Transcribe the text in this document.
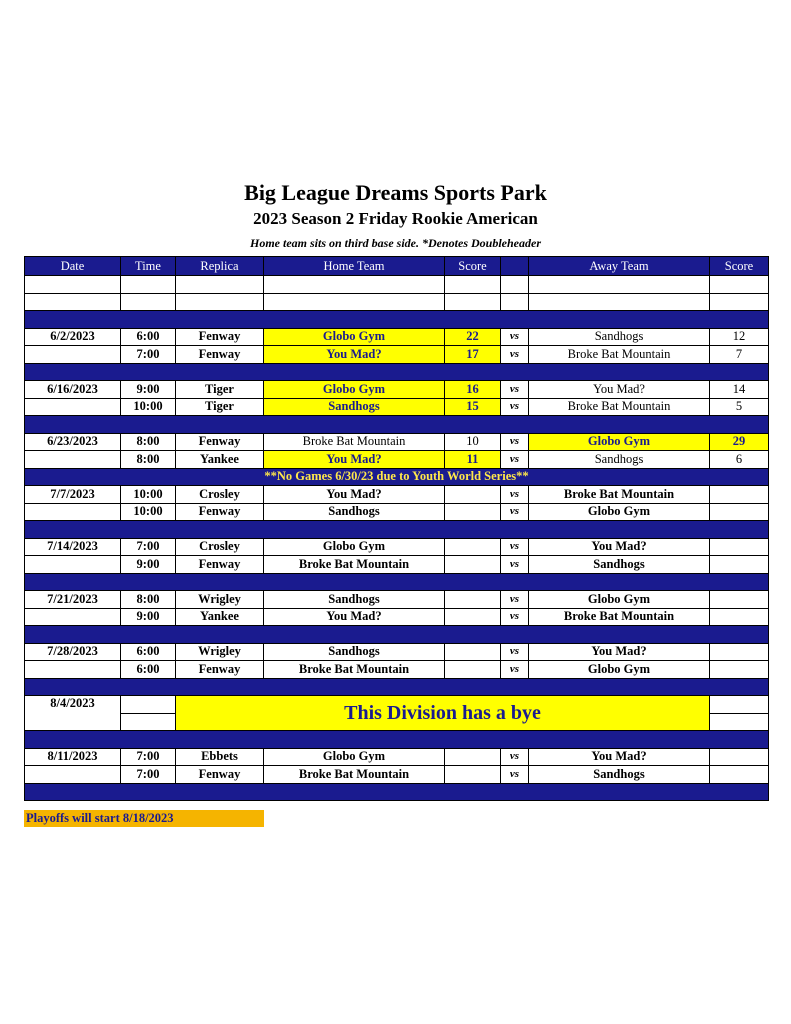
Big League Dreams Sports Park
2023 Season 2 Friday Rookie American
Home team sits on third base side. *Denotes Doubleheader
Date	Time	Replica	Home Team	Score		Away Team	Score

6/2/2023	6:00	Fenway	Globo Gym	22	vs	Sandhogs	12
	7:00	Fenway	You Mad?	17	vs	Broke Bat Mountain	7

6/16/2023	9:00	Tiger	Globo Gym	16	vs	You Mad?	14
	10:00	Tiger	Sandhogs	15	vs	Broke Bat Mountain	5

6/23/2023	8:00	Fenway	Broke Bat Mountain	10	vs	Globo Gym	29
	8:00	Yankee	You Mad?	11	vs	Sandhogs	6
**No Games 6/30/23 due to Youth World Series**							
7/7/2023	10:00	Crosley	You Mad?		vs	Broke Bat Mountain	
	10:00	Fenway	Sandhogs		vs	Globo Gym	

7/14/2023	7:00	Crosley	Globo Gym		vs	You Mad?	
	9:00	Fenway	Broke Bat Mountain		vs	Sandhogs	

7/21/2023	8:00	Wrigley	Sandhogs		vs	Globo Gym	
	9:00	Yankee	You Mad?		vs	Broke Bat Mountain	

7/28/2023	6:00	Wrigley	Sandhogs		vs	You Mad?	
	6:00	Fenway	Broke Bat Mountain		vs	Globo Gym	

8/4/2023		This Division has a bye					

8/11/2023	7:00	Ebbets	Globo Gym		vs	You Mad?	
	7:00	Fenway	Broke Bat Mountain		vs	Sandhogs	

Playoffs will start 8/18/2023
